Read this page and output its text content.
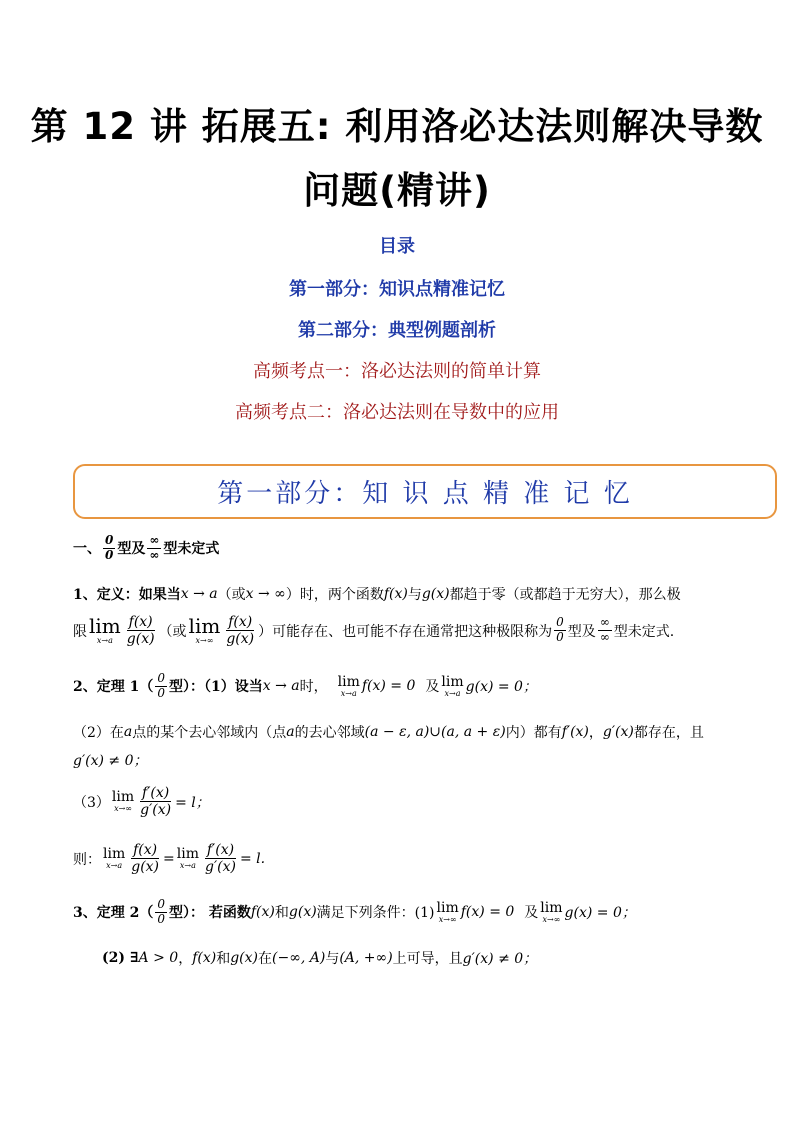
第 12 讲 拓展五: 利用洛必达法则解决导数
问题(精讲)
目录
第一部分：知识点精准记忆
第二部分：典型例题剖析
高频考点一：洛必达法则的简单计算
高频考点二：洛必达法则在导数中的应用
第一部分：知 识 点 精 准 记 忆
一、 $\frac{0}{0}$ 型及 $\frac{\infty}{\infty}$ 型未定式
1、定义：如果当 x → a （或 x → ∞ ）时，两个函数 f(x) 与 g(x) 都趋于零（或都趋于无穷大），那么极
限 lim
$x\to a \frac{f(x)}{g(x)}$ （或 lim
$x\to\infty \frac{f(x)}{g(x)}$ ）可能存在、也可能不存在通常把这种极限称为 $\frac{0}{0}$ 型及 $\frac{\infty}{\infty}$ 型未定式.
2、定理 $1( \frac{0}{0}$ 型）：（1）设当 x → a 时， lim
x→a f(x) = 0 及 lim
x→a g(x) = 0；
（2）在 a 点的某个去心邻域内（点 a 的去心邻域 (a − ε, a)∪(a, a + ε) 内）都有 f′(x) ， g′(x) 都存在，且
g′(x) ≠ 0；
（3） lim
$x\to\infty \frac{f'(x)}{g'(x)} = l$；
则： lim
$x\to a \frac{f(x)}{g(x)} = \lim$
$x\to a \frac{f'(x)}{g'(x)} = l$.
3、定理 $2( \frac{0}{0}$ 型）： 若函数 f(x) 和 g(x) 满足下列条件：(1) lim
x→∞ f(x) = 0 及 lim
x→∞ g(x) = 0；
(2) ∃ A > 0 ， f(x) 和 g(x) 在 (−∞, A) 与 (A, +∞) 上可导，且 g′(x) ≠ 0；
